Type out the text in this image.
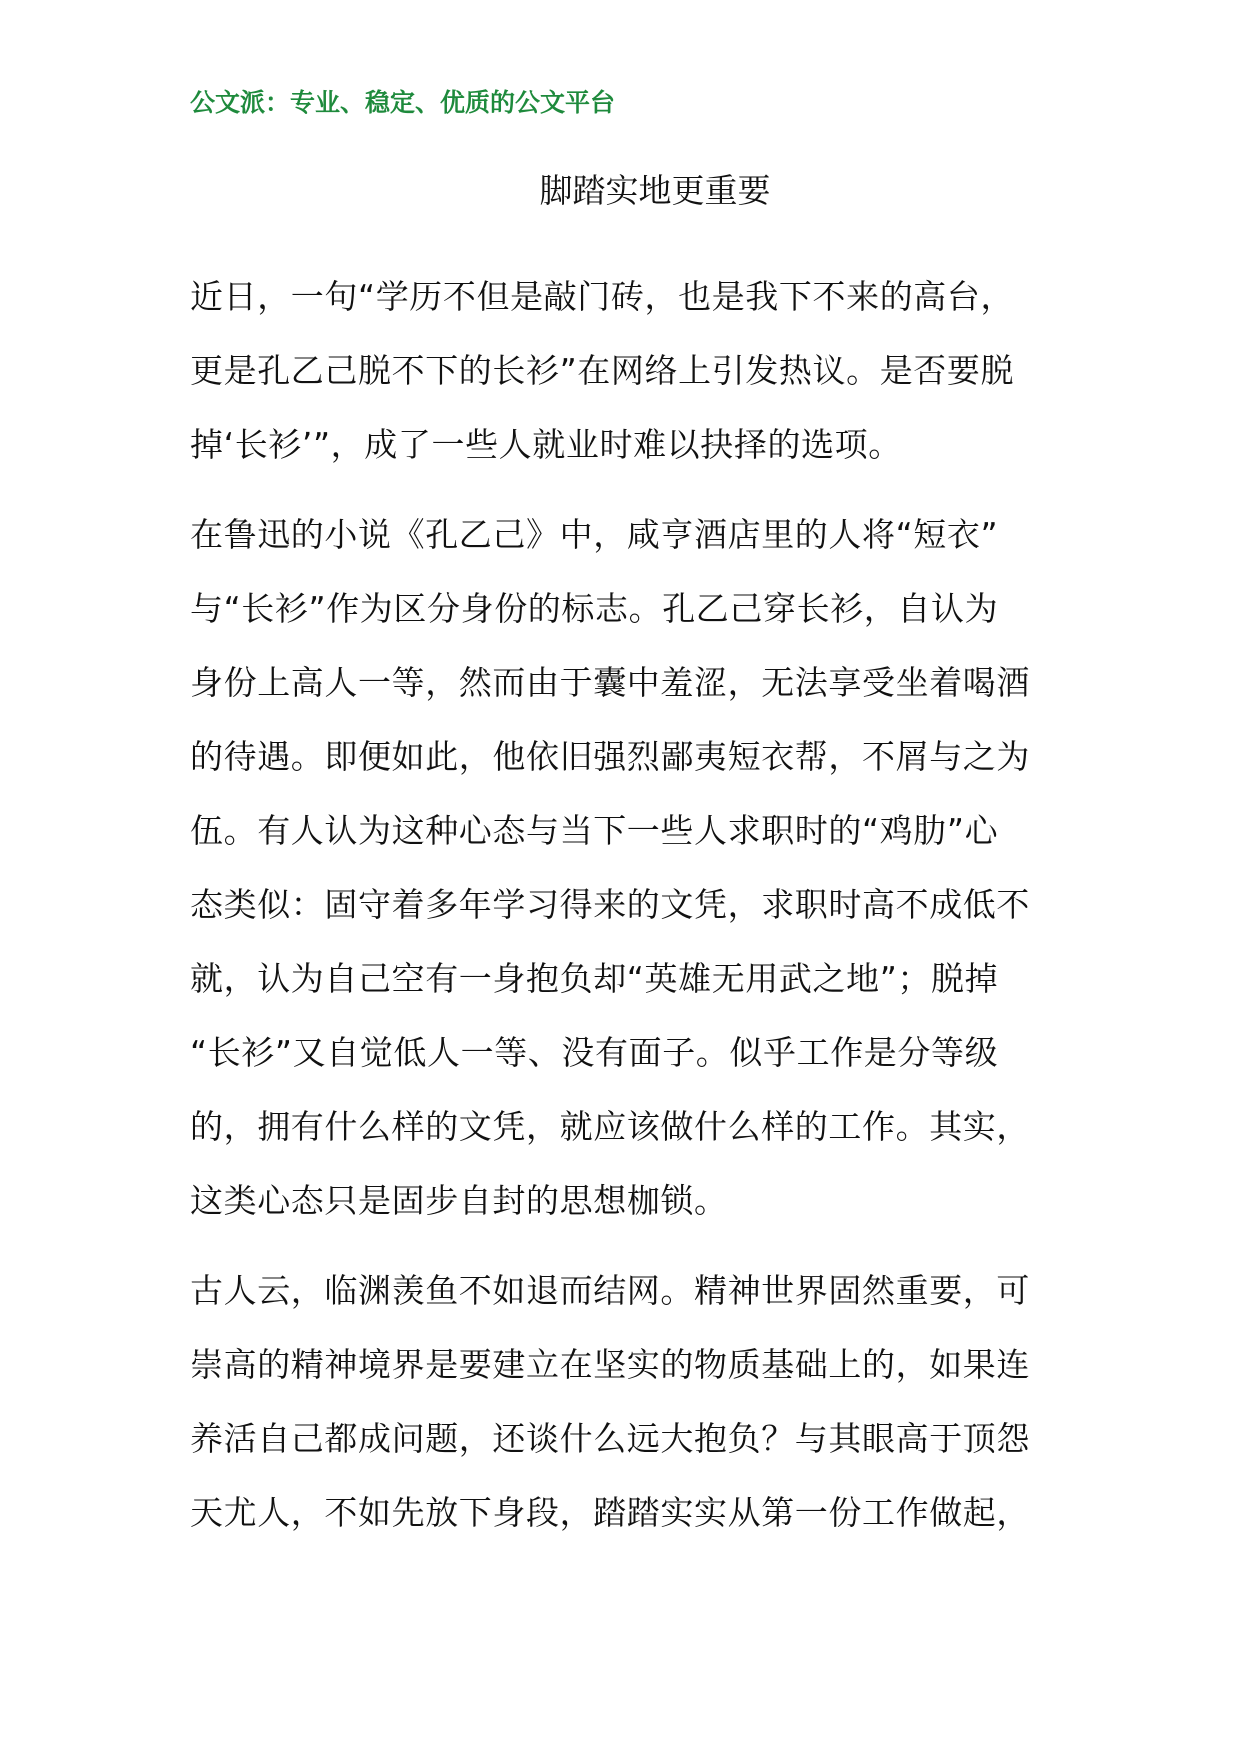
公文派：专业、稳定、优质的公文平台
脚踏实地更重要

近日，一句“学历不但是敲门砖，也是我下不来的高台，
更是孔乙己脱不下的长衫”在网络上引发热议。是否要脱
掉‘长衫’”，成了一些人就业时难以抉择的选项。

在鲁迅的小说《孔乙己》中，咸亨酒店里的人将“短衣”
与“长衫”作为区分身份的标志。孔乙己穿长衫，自认为
身份上高人一等，然而由于囊中羞涩，无法享受坐着喝酒
的待遇。即便如此，他依旧强烈鄙夷短衣帮，不屑与之为
伍。有人认为这种心态与当下一些人求职时的“鸡肋”心
态类似：固守着多年学习得来的文凭，求职时高不成低不
就，认为自己空有一身抱负却“英雄无用武之地”；脱掉
“长衫”又自觉低人一等、没有面子。似乎工作是分等级
的，拥有什么样的文凭，就应该做什么样的工作。其实，
这类心态只是固步自封的思想枷锁。

古人云，临渊羡鱼不如退而结网。精神世界固然重要，可
崇高的精神境界是要建立在坚实的物质基础上的，如果连
养活自己都成问题，还谈什么远大抱负？与其眼高于顶怨
天尤人，不如先放下身段，踏踏实实从第一份工作做起，
